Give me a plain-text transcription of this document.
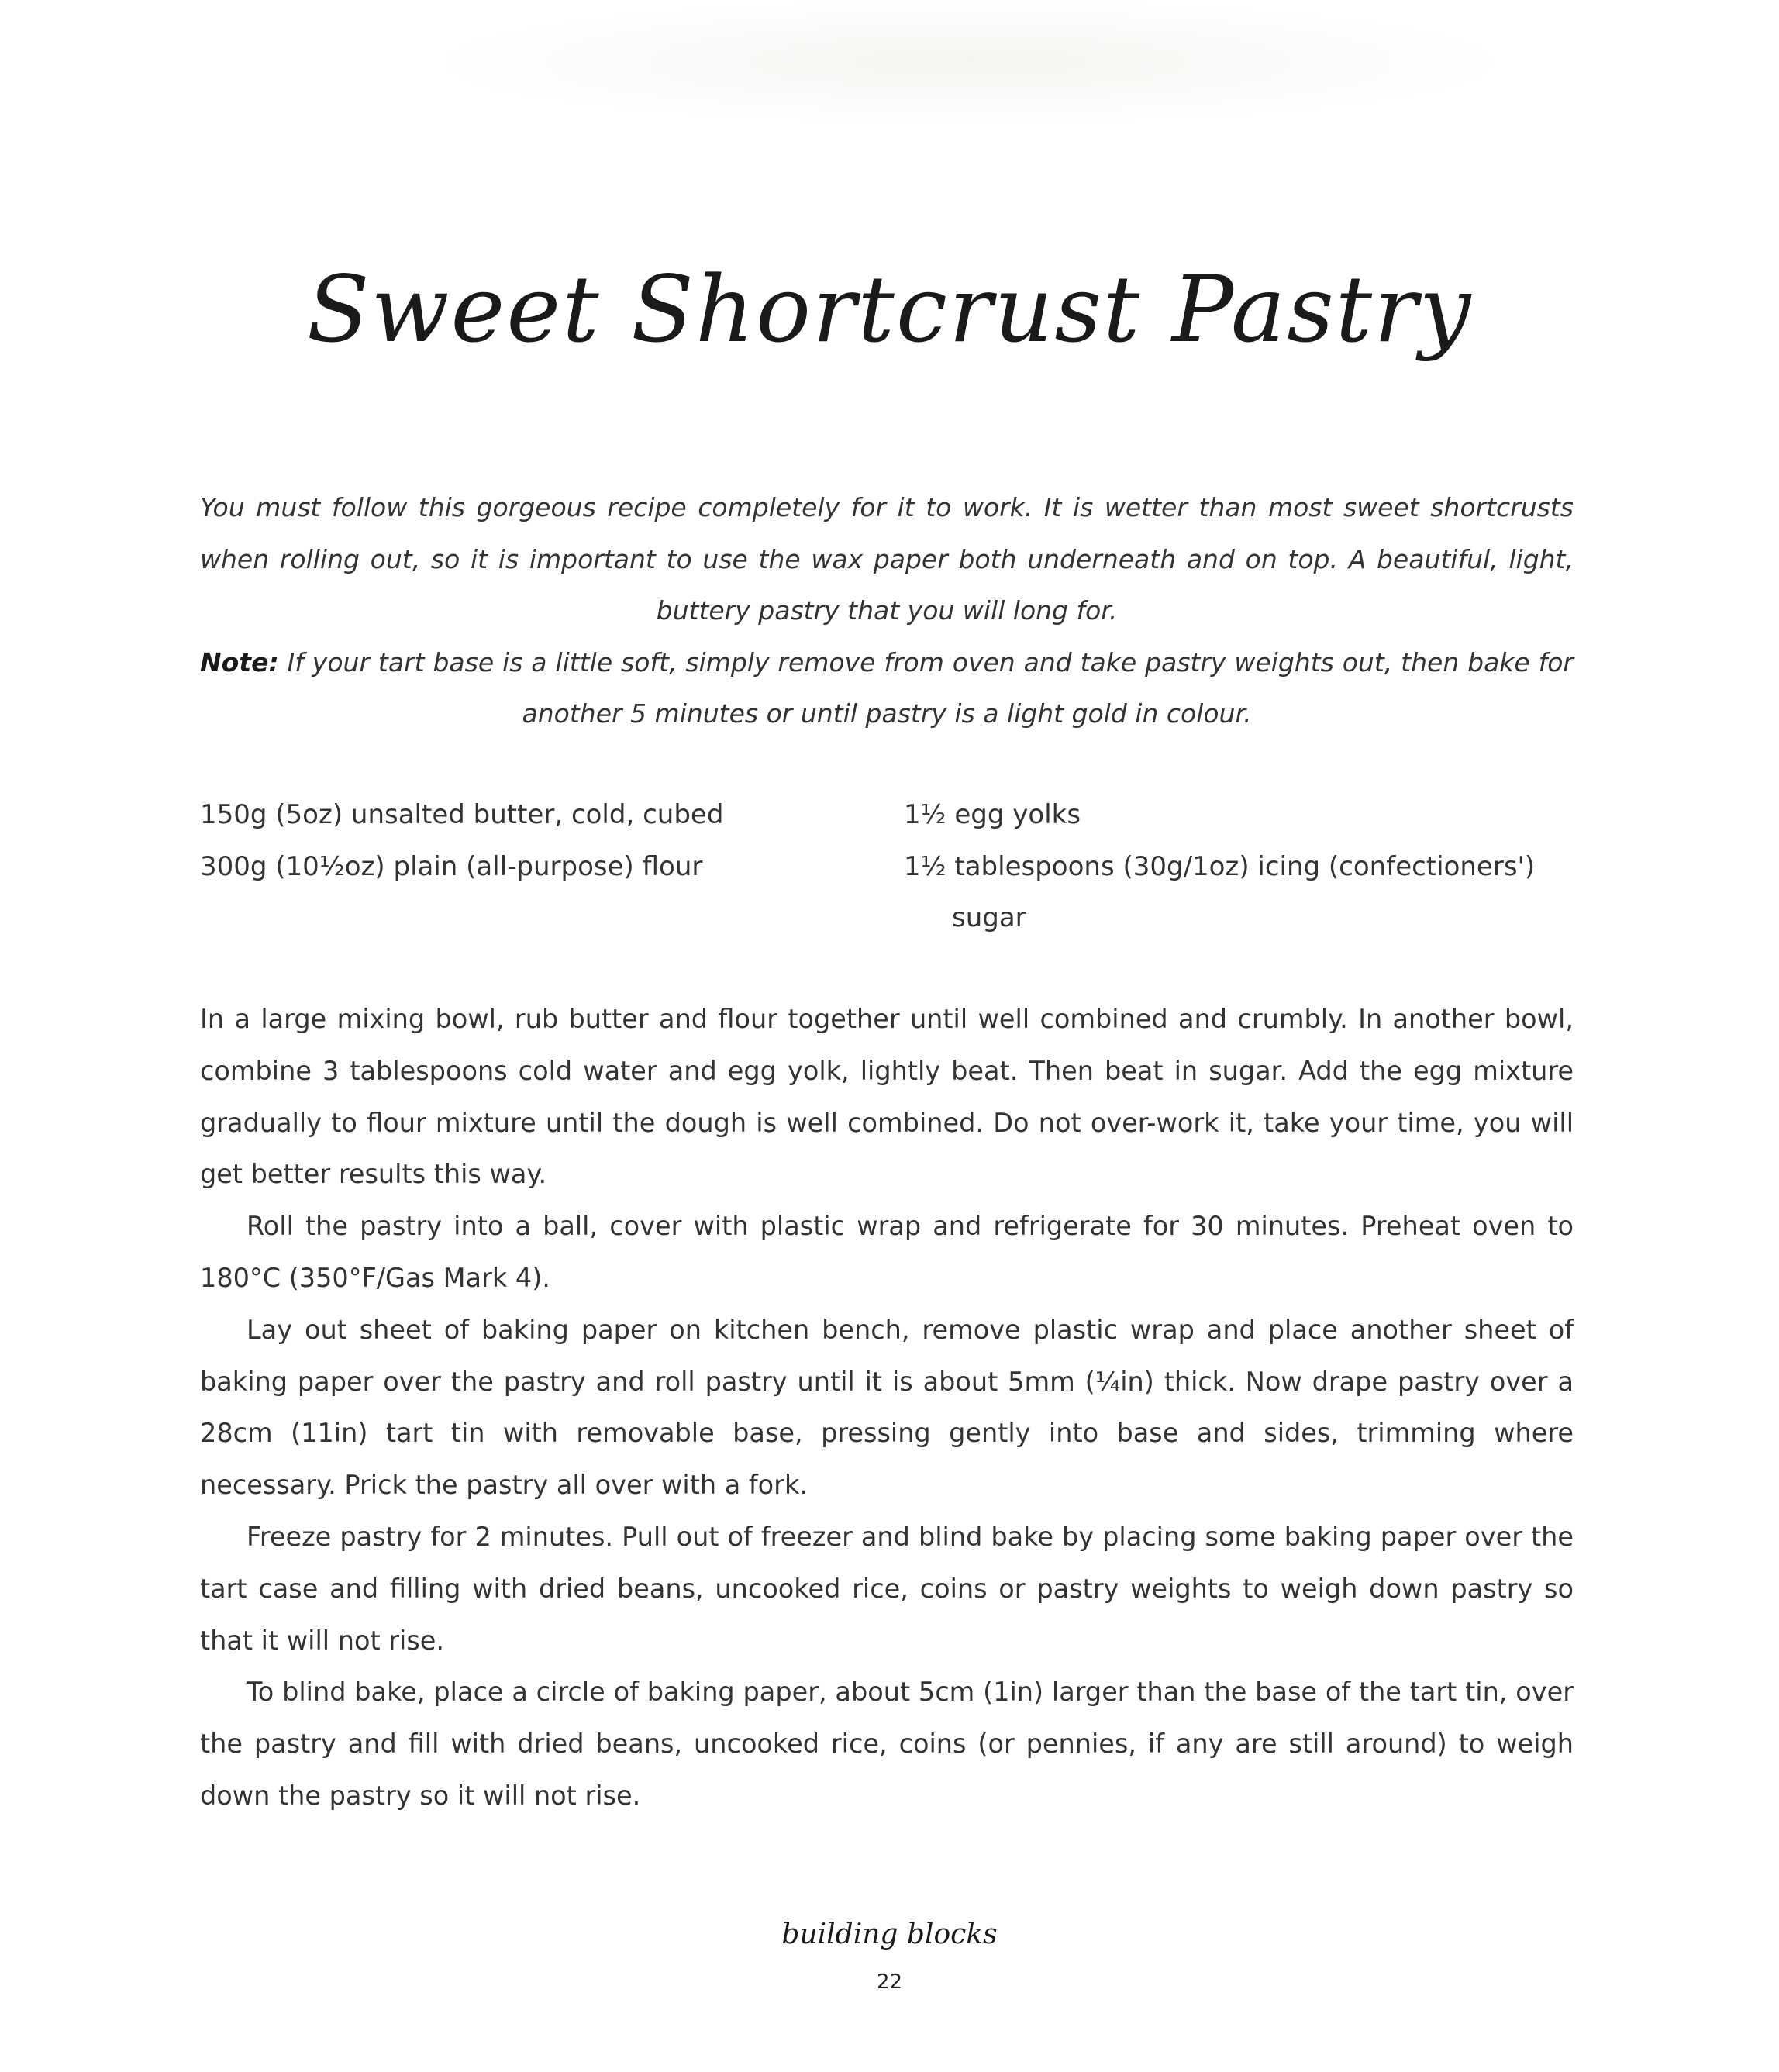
Sweet Shortcrust Pastry

You must follow this gorgeous recipe completely for it to work. It is wetter than most sweet shortcrusts when rolling out, so it is important to use the wax paper both underneath and on top. A beautiful, light, buttery pastry that you will long for.

Note: If your tart base is a little soft, simply remove from oven and take pastry weights out, then bake for another 5 minutes or until pastry is a light gold in colour.

150g (5oz) unsalted butter, cold, cubed
300g (10½oz) plain (all-purpose) flour
1½ egg yolks
1½ tablespoons (30g/1oz) icing (confectioners')
sugar

In a large mixing bowl, rub butter and flour together until well combined and crumbly. In another bowl, combine 3 tablespoons cold water and egg yolk, lightly beat. Then beat in sugar. Add the egg mixture gradually to flour mixture until the dough is well combined. Do not over-work it, take your time, you will get better results this way.

Roll the pastry into a ball, cover with plastic wrap and refrigerate for 30 minutes. Preheat oven to 180°C (350°F/Gas Mark 4).

Lay out sheet of baking paper on kitchen bench, remove plastic wrap and place another sheet of baking paper over the pastry and roll pastry until it is about 5mm (¼in) thick. Now drape pastry over a 28cm (11in) tart tin with removable base, pressing gently into base and sides, trimming where necessary. Prick the pastry all over with a fork.

Freeze pastry for 2 minutes. Pull out of freezer and blind bake by placing some baking paper over the tart case and filling with dried beans, uncooked rice, coins or pastry weights to weigh down pastry so that it will not rise.

To blind bake, place a circle of baking paper, about 5cm (1in) larger than the base of the tart tin, over the pastry and fill with dried beans, uncooked rice, coins (or pennies, if any are still around) to weigh down the pastry so it will not rise.

building blocks
22
